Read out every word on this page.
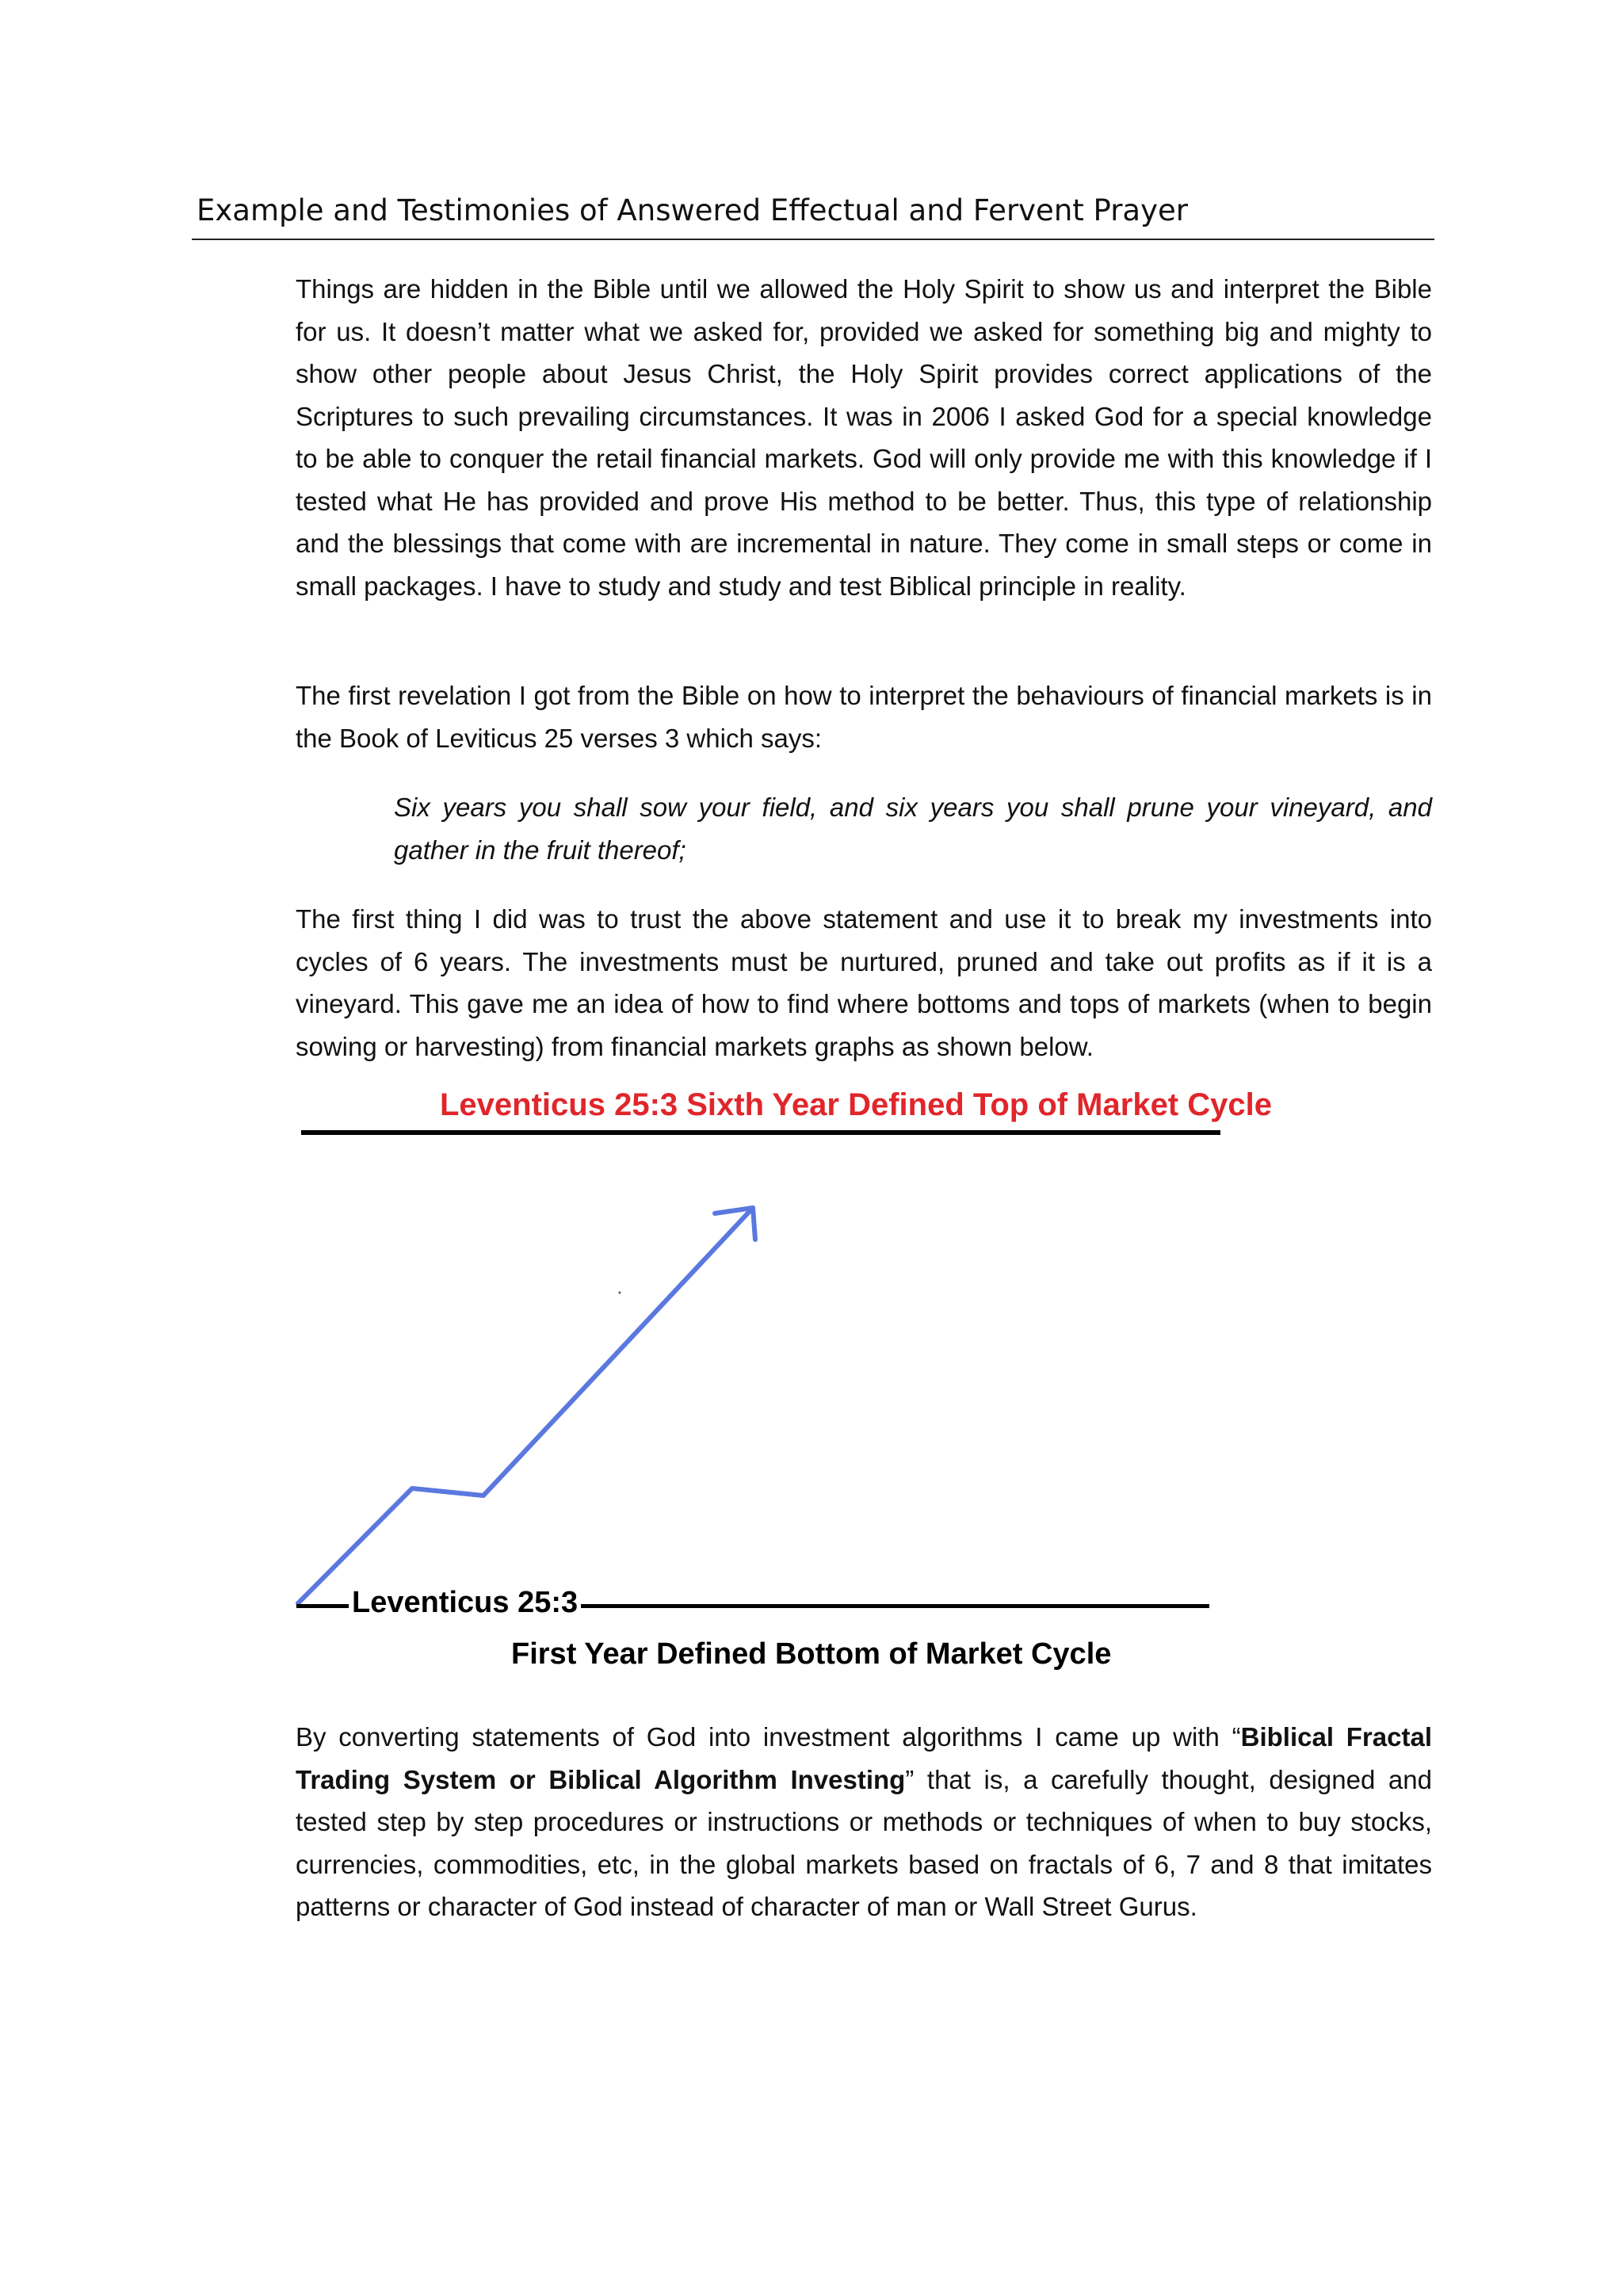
Example and Testimonies of Answered Effectual and Fervent Prayer

Things are hidden in the Bible until we allowed the Holy Spirit to show us and interpret the Bible for us. It doesn’t matter what we asked for, provided we asked for something big and mighty to show other people about Jesus Christ, the Holy Spirit provides correct applications of the Scriptures to such prevailing circumstances. It was in 2006 I asked God for a special knowledge to be able to conquer the retail financial markets. God will only provide me with this knowledge if I tested what He has provided and prove His method to be better. Thus, this type of relationship and the blessings that come with are incremental in nature. They come in small steps or come in small packages. I have to study and study and test Biblical principle in reality.

The first revelation I got from the Bible on how to interpret the behaviours of financial markets is in the Book of Leviticus 25 verses 3 which says:

Six years you shall sow your field, and six years you shall prune your vineyard, and gather in the fruit thereof;

The first thing I did was to trust the above statement and use it to break my investments into cycles of 6 years. The investments must be nurtured, pruned and take out profits as if it is a vineyard. This gave me an idea of how to find where bottoms and tops of markets (when to begin sowing or harvesting) from financial markets graphs as shown below.

Leventicus 25:3 Sixth Year Defined Top of Market Cycle
Leventicus 25:3
First Year Defined Bottom of Market Cycle

By converting statements of God into investment algorithms I came up with “Biblical Fractal Trading System or Biblical Algorithm Investing” that is, a carefully thought, designed and tested step by step procedures or instructions or methods or techniques of when to buy stocks, currencies, commodities, etc, in the global markets based on fractals of 6, 7 and 8 that imitates patterns or character of God instead of character of man or Wall Street Gurus.
